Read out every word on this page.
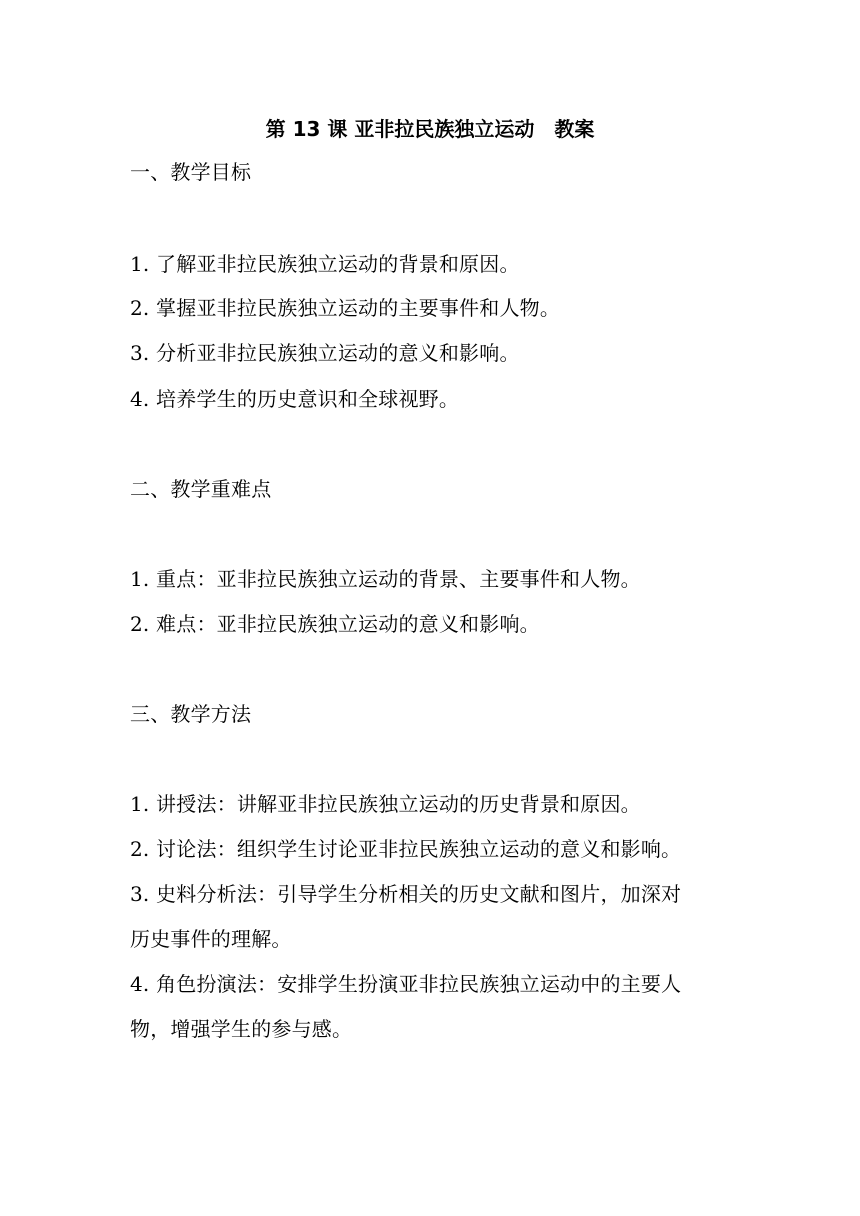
第 13 课 亚非拉民族独立运动　教案
一、教学目标
1. 了解亚非拉民族独立运动的背景和原因。
2. 掌握亚非拉民族独立运动的主要事件和人物。
3. 分析亚非拉民族独立运动的意义和影响。
4. 培养学生的历史意识和全球视野。
二、教学重难点
1. 重点：亚非拉民族独立运动的背景、主要事件和人物。
2. 难点：亚非拉民族独立运动的意义和影响。
三、教学方法
1. 讲授法：讲解亚非拉民族独立运动的历史背景和原因。
2. 讨论法：组织学生讨论亚非拉民族独立运动的意义和影响。
3. 史料分析法：引导学生分析相关的历史文献和图片，加深对
历史事件的理解。
4. 角色扮演法：安排学生扮演亚非拉民族独立运动中的主要人
物，增强学生的参与感。
